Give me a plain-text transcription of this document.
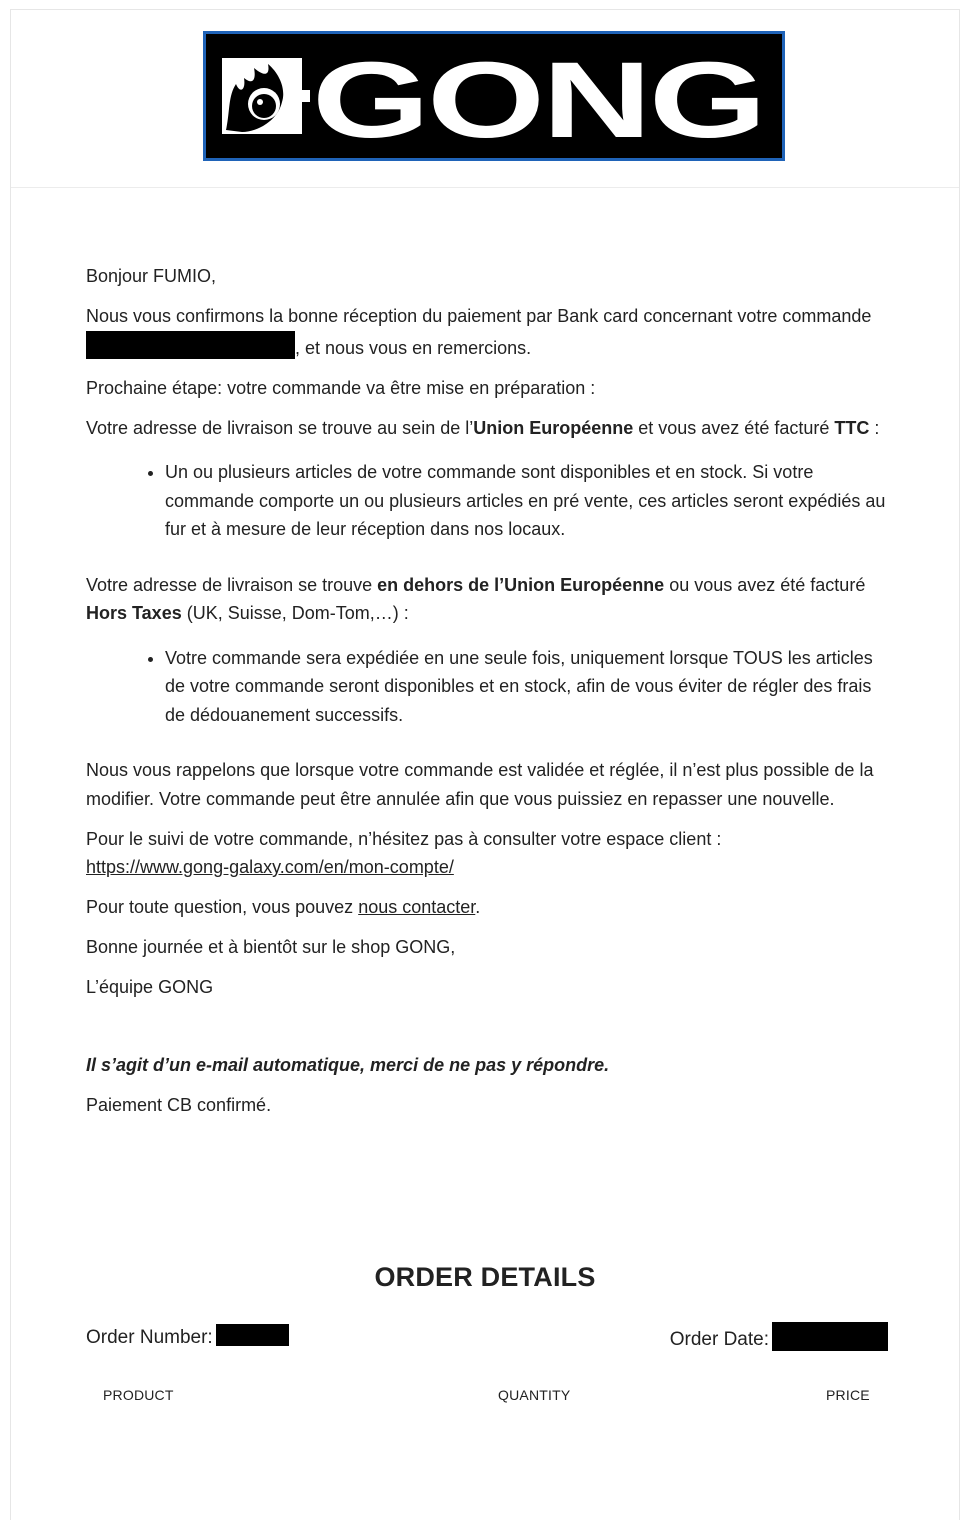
GONG

Bonjour FUMIO,

Nous vous confirmons la bonne réception du paiement par Bank card concernant votre commande, et nous vous en remercions.

Prochaine étape: votre commande va être mise en préparation :

Votre adresse de livraison se trouve au sein de l’Union Européenne et vous avez été facturé TTC :

• Un ou plusieurs articles de votre commande sont disponibles et en stock. Si votre commande comporte un ou plusieurs articles en pré vente, ces articles seront expédiés au fur et à mesure de leur réception dans nos locaux.

Votre adresse de livraison se trouve en dehors de l’Union Européenne ou vous avez été facturé Hors Taxes (UK, Suisse, Dom-Tom,…) :

• Votre commande sera expédiée en une seule fois, uniquement lorsque TOUS les articles de votre commande seront disponibles et en stock, afin de vous éviter de régler des frais de dédouanement successifs.

Nous vous rappelons que lorsque votre commande est validée et réglée, il n’est plus possible de la modifier. Votre commande peut être annulée afin que vous puissiez en repasser une nouvelle.

Pour le suivi de votre commande, n’hésitez pas à consulter votre espace client :
https://www.gong-galaxy.com/en/mon-compte/

Pour toute question, vous pouvez nous contacter.

Bonne journée et à bientôt sur le shop GONG,

L’équipe GONG

Il s’agit d’un e-mail automatique, merci de ne pas y répondre.

Paiement CB confirmé.

ORDER DETAILS
Order Number:	Order Date:
PRODUCT	QUANTITY	PRICE
